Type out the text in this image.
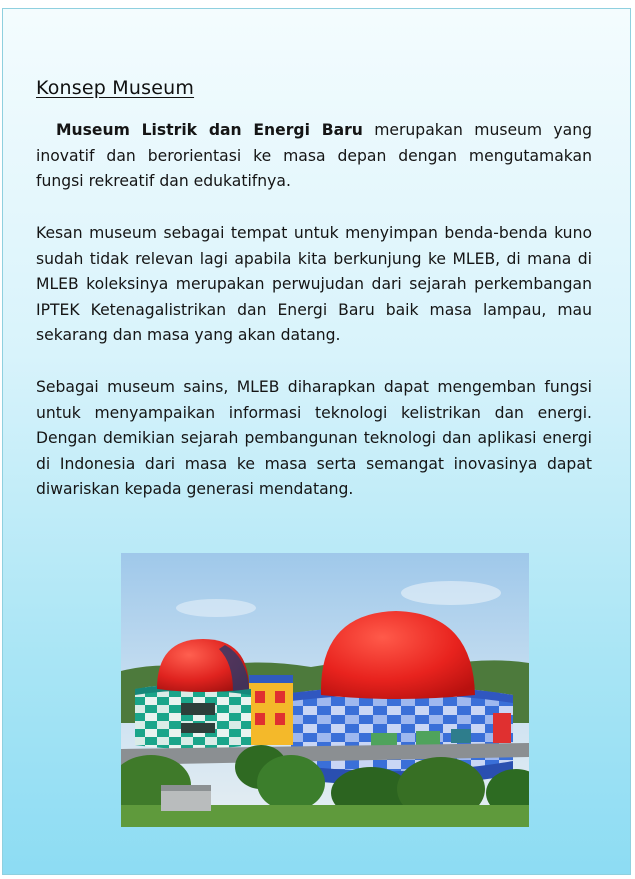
Konsep Museum

Museum Listrik dan Energi Baru merupakan museum yang inovatif dan berorientasi ke masa depan dengan mengutamakan fungsi rekreatif dan edukatifnya.

Kesan museum sebagai tempat untuk menyimpan benda-benda kuno sudah tidak relevan lagi apabila kita berkunjung ke MLEB, di mana di MLEB koleksinya merupakan perwujudan dari sejarah perkembangan IPTEK Ketenagalistrikan dan Energi Baru baik masa lampau, mau sekarang dan masa yang akan datang.

Sebagai museum sains, MLEB diharapkan dapat mengemban fungsi untuk menyampaikan informasi teknologi kelistrikan dan energi. Dengan demikian sejarah pembangunan teknologi dan aplikasi energi di Indonesia dari masa ke masa serta semangat inovasinya dapat diwariskan kepada generasi mendatang.
